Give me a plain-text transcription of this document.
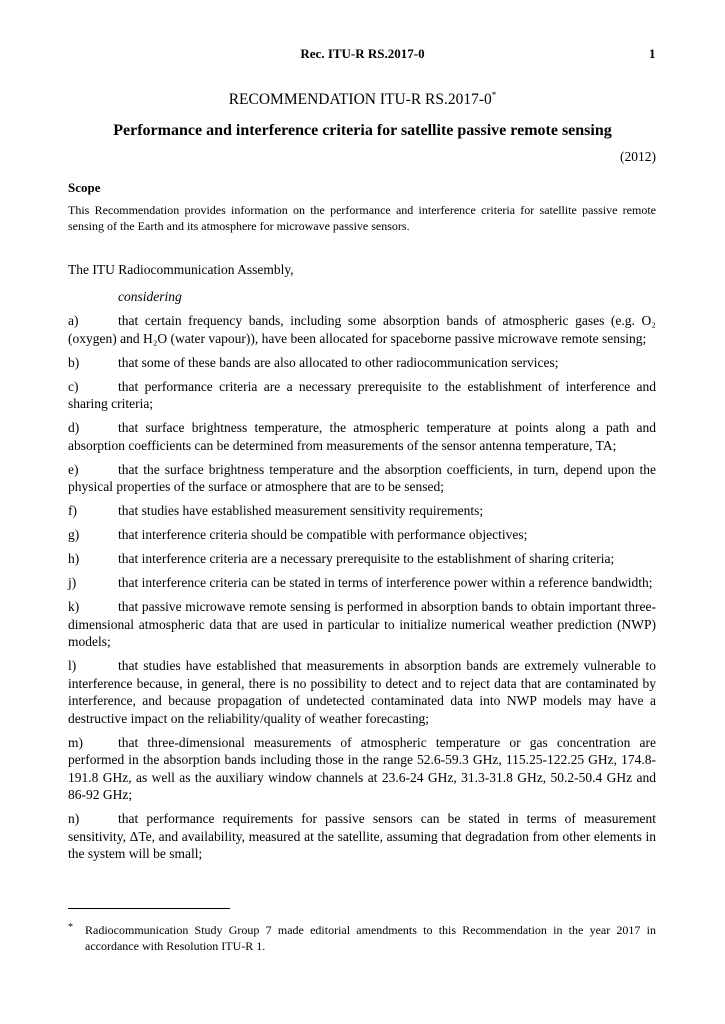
Rec. ITU-R RS.2017-0	1
RECOMMENDATION ITU-R RS.2017-0*
Performance and interference criteria for satellite passive remote sensing
(2012)
Scope
This Recommendation provides information on the performance and interference criteria for satellite passive remote sensing of the Earth and its atmosphere for microwave passive sensors.
The ITU Radiocommunication Assembly,
considering
a)	that certain frequency bands, including some absorption bands of atmospheric gases (e.g. O₂ (oxygen) and H₂O (water vapour)), have been allocated for spaceborne passive microwave remote sensing;
b)	that some of these bands are also allocated to other radiocommunication services;
c)	that performance criteria are a necessary prerequisite to the establishment of interference and sharing criteria;
d)	that surface brightness temperature, the atmospheric temperature at points along a path and absorption coefficients can be determined from measurements of the sensor antenna temperature, TA;
e)	that the surface brightness temperature and the absorption coefficients, in turn, depend upon the physical properties of the surface or atmosphere that are to be sensed;
f)	that studies have established measurement sensitivity requirements;
g)	that interference criteria should be compatible with performance objectives;
h)	that interference criteria are a necessary prerequisite to the establishment of sharing criteria;
j)	that interference criteria can be stated in terms of interference power within a reference bandwidth;
k)	that passive microwave remote sensing is performed in absorption bands to obtain important three-dimensional atmospheric data that are used in particular to initialize numerical weather prediction (NWP) models;
l)	that studies have established that measurements in absorption bands are extremely vulnerable to interference because, in general, there is no possibility to detect and to reject data that are contaminated by interference, and because propagation of undetected contaminated data into NWP models may have a destructive impact on the reliability/quality of weather forecasting;
m)	that three-dimensional measurements of atmospheric temperature or gas concentration are performed in the absorption bands including those in the range 52.6-59.3 GHz, 115.25-122.25 GHz, 174.8-191.8 GHz, as well as the auxiliary window channels at 23.6-24 GHz, 31.3-31.8 GHz, 50.2-50.4 GHz and 86-92 GHz;
n)	that performance requirements for passive sensors can be stated in terms of measurement sensitivity, ΔTe, and availability, measured at the satellite, assuming that degradation from other elements in the system will be small;
*	Radiocommunication Study Group 7 made editorial amendments to this Recommendation in the year 2017 in accordance with Resolution ITU-R 1.
